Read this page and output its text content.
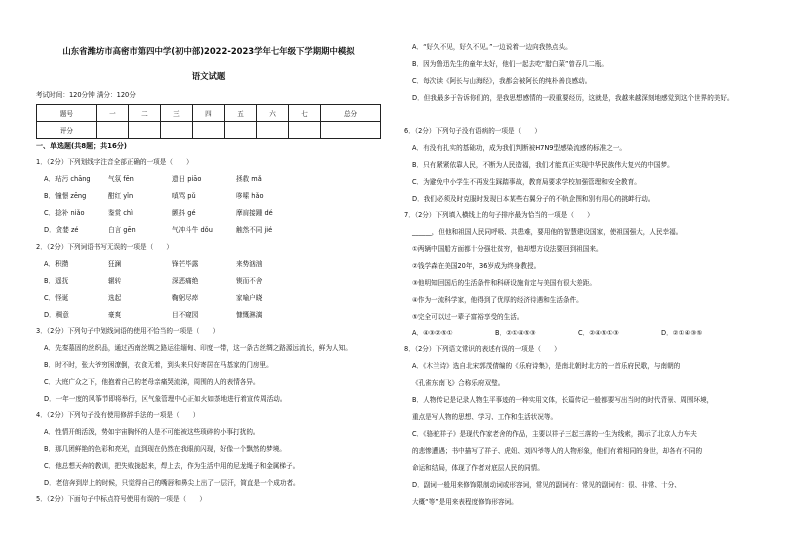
山东省潍坊市高密市第四中学(初中部)2022-2023学年七年级下学期期中模拟
语文试题
考试时间：120分钟 满分：120分
题号	一	二	三	四	五	六	七	总分
评分								
一、单选题(共8题；共16分)
1．（2分）下列划线字注音全部正确的一项是（　　）
A．玷污 chāng	气氛 fēn	遗日 piāo	拯救 mǎ
B．憧憬 zēng	酣红 yǐn	嗔骂 pǔ	哆嗦 hǎo
C．捻补 niǎo	鉴赏 chì	颤抖 gé	摩肩接踵 dé
D．贪婪 zé	白言 gēn	气冲斗牛 dǒu	触然不同 jié
2．（2分）下列词语书写无误的一项是（　　）
A．积攒	狂澜	锋芒毕露	来势汹汹
B．遥抚	辗转	深恶痛绝	锲而不舍
C．怪诞	选起	鞠躬尽瘁	家喻户晓
D．稠意	豪爽	目不窥园	慷慨淋漓
3．（2分）下列句子中划线词语的使用不恰当的一项是（　　）
A．先秦墓固的丝织品，通过西南丝绸之路运往缅甸、印度一带，这一条古丝绸之路源远流长，鲜为人知。
B．时不时，张大爷穷困潦倒，衣食无着，到头来只好寄居在马基家的门房里。
C．大庭广众之下，他抱着自己的老母亲痛哭流涕，周围的人的表情各异。
D．一年一度的风筝节即将举行，区气象管理中心正如火如荼地进行着宣传周活动。
4．（2分）下列句子没有使用修辞手法的一项是（　　）
A．性情开朗活泼，势如宇宙胸怀的人是不可能被这些琐碎的小事打扰的。
B．那几团鲜艳的色彩和亮光，直到现在仍然在我眼前闪现，好像一个飘然的梦境。
C．他总想天奔的教训，把失败拢起来，焊上去，作为生活中用的尼龙绳子和金属梯子。
D．老信奔到岸上的时候，只觉得自己的嘴唇和鼻尖上出了一层汗，简直是一个成功者。
5．（2分）下面句子中标点符号使用有误的一项是（　　）
A．“好久不见，好久不见。”一边说着一边向我热点头。
B．因为鲁迅先生的童年太好，他们一起去吃“腊白菜”曾吞几二瓶。
C．每次读《阿长与山海经》，我都会被阿长的纯朴善良感动。
D．但我最多于告诉你们的，是我思想感情的一段重要经历，这就是，我越来越深刻地感觉到这个世界的美好。
6．（2分）下列句子没有语病的一项是（　　）
A．有没有扎实的基础功，成为我们判断被H7N9型感染流感的标准之一。
B．只有紧紧依靠人民，不断为人民造福，我们才能真正实现中华民族伟大复兴的中国梦。
C．为避免中小学生不再发生踩踏事故，教育局要求学校加强管理和安全教育。
D．我们必须及时克服时发现日本某些右翼分子的不轨企图和别有用心的挑衅行动。
7．（2分）下列填入横线上的句子排序最为恰当的一项是（　　）
______，但他和祖国人民同呼吸、共患难，要用他的智慧建设国家，使祖国强大，人民幸福。
①两辆中国船方面都十分强壮贫穷，他却想方设法要回到祖国来。
②钱学森在美国20年，36岁成为终身教授。
③他明知回国后的生活条件和科研设施肯定与美国有很大差距。
④作为一流科学家，他得到了优厚的经济待遇和生活条件。
⑤完全可以过一辈子富裕享受的生活。
A．④③②⑤①	B．②①④⑤③	C．②④⑤①③	D．②①④③⑤
8．（2分）下列语文常识的表述有误的一项是（　　）
A．《木兰诗》选自北宋郭茂倩编的《乐府诗集》，是南北朝时北方的一首乐府民歌，与南朝的
《孔雀东南飞》合称乐府双璧。
B．人物传记是记录人物生平事迹的一种实用文体，长篇传记一般都要写出当时的时代背景、周围环境，
重点是写人物的思想、学习、工作和生活状况等。
C．《骆驼祥子》是现代作家老舍的作品，主要以祥子三起三落的一生为线索，揭示了北京人力车夫
的悲惨遭遇；书中描写了祥子、虎妞、刘四爷等人的人物形象，他们有着相同的身世，却各有不同的
命运和结局，体现了作者对底层人民的同情。
D．副词一般用来修饰限制动词或形容词，常见的副词有：常见的副词有：很、非常、十分、
大概“等”是用来表程度修饰形容词。
